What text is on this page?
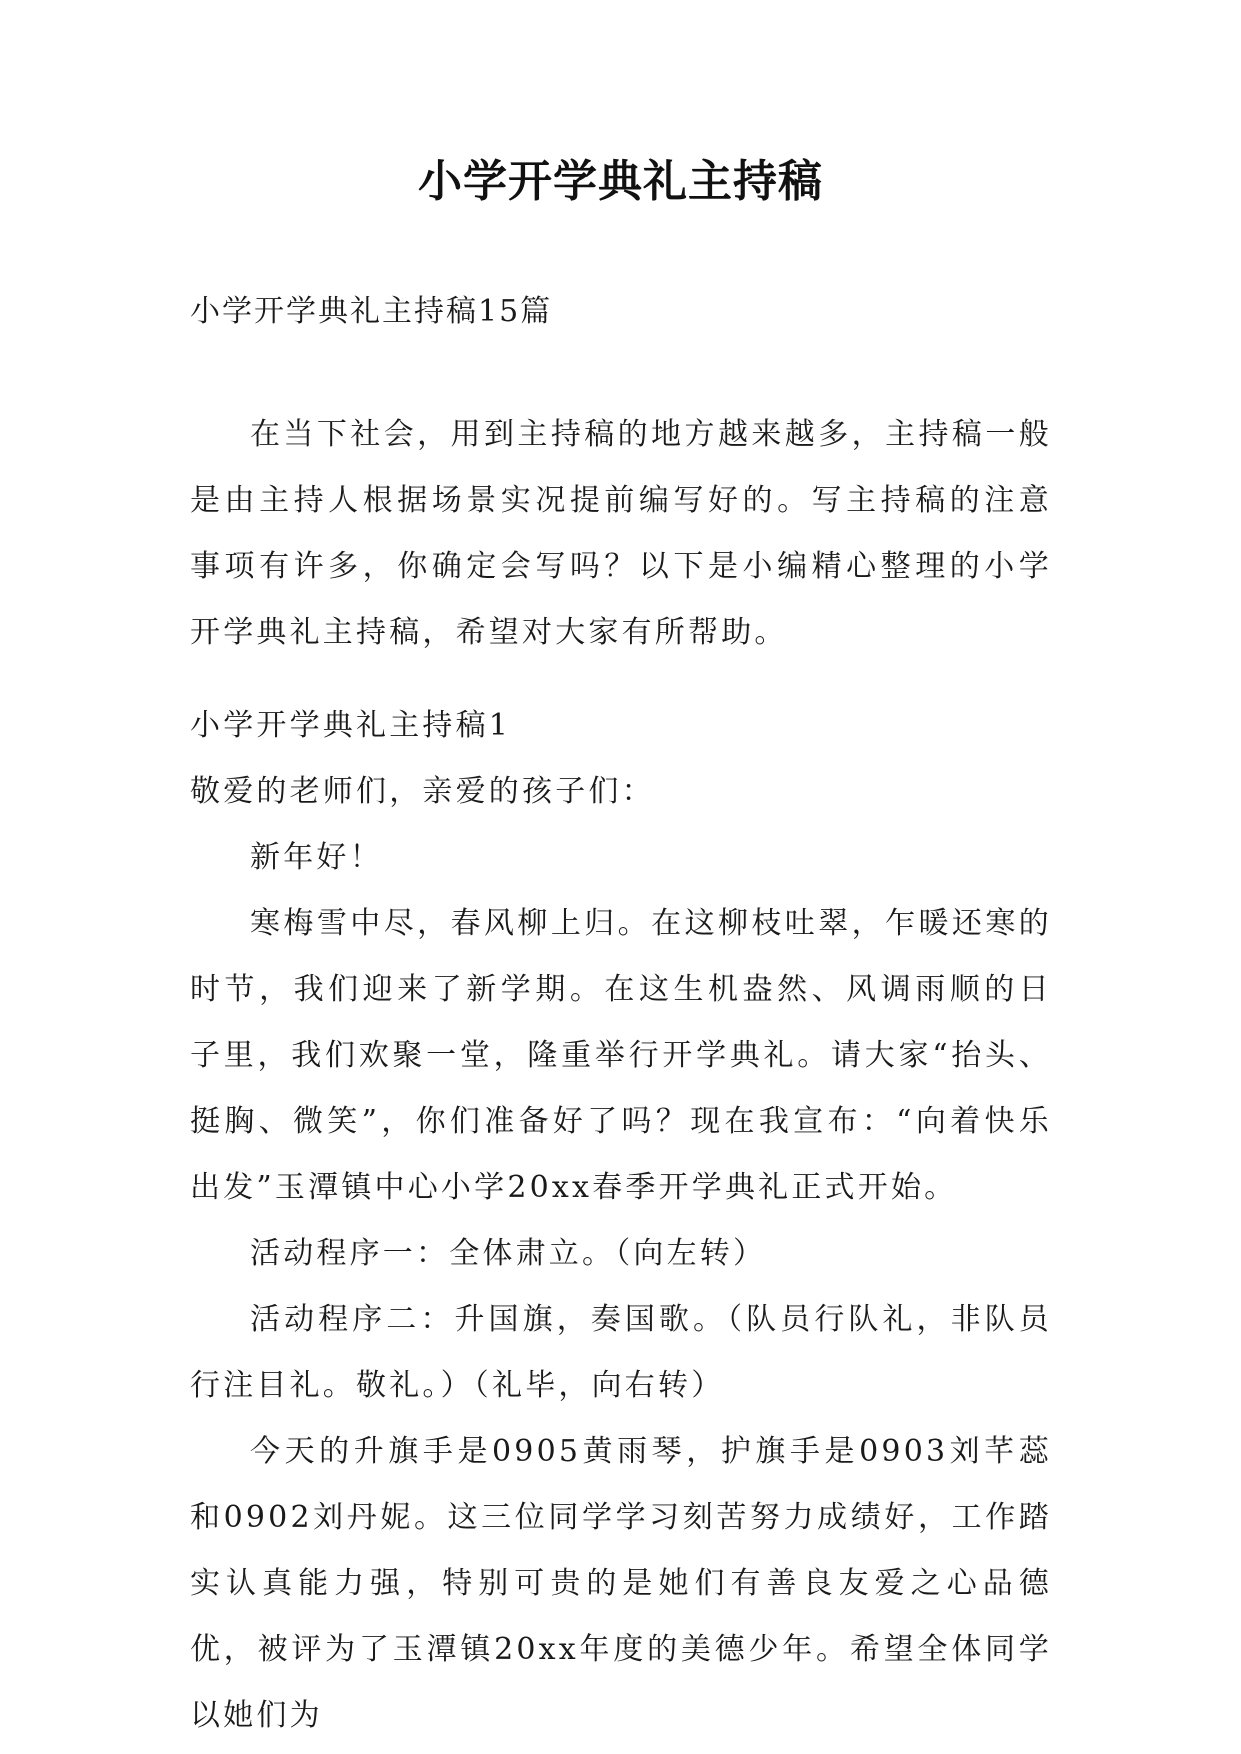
小学开学典礼主持稿
小学开学典礼主持稿15篇

在当下社会，用到主持稿的地方越来越多，主持稿一般是由主持人根据场景实况提前编写好的。写主持稿的注意事项有许多，你确定会写吗？以下是小编精心整理的小学开学典礼主持稿，希望对大家有所帮助。

小学开学典礼主持稿1

敬爱的老师们，亲爱的孩子们：

新年好！

寒梅雪中尽，春风柳上归。在这柳枝吐翠，乍暖还寒的时节，我们迎来了新学期。在这生机盎然、风调雨顺的日子里，我们欢聚一堂，隆重举行开学典礼。请大家“抬头、挺胸、微笑”，你们准备好了吗？现在我宣布：“向着快乐出发”玉潭镇中心小学20xx春季开学典礼正式开始。

活动程序一：全体肃立。（向左转）

活动程序二：升国旗，奏国歌。（队员行队礼，非队员行注目礼。敬礼。）（礼毕，向右转）

今天的升旗手是0905黄雨琴，护旗手是0903刘芊蕊和0902刘丹妮。这三位同学学习刻苦努力成绩好，工作踏实认真能力强，特别可贵的是她们有善良友爱之心品德优，被评为了玉潭镇20xx年度的美德少年。希望全体同学以她们为
